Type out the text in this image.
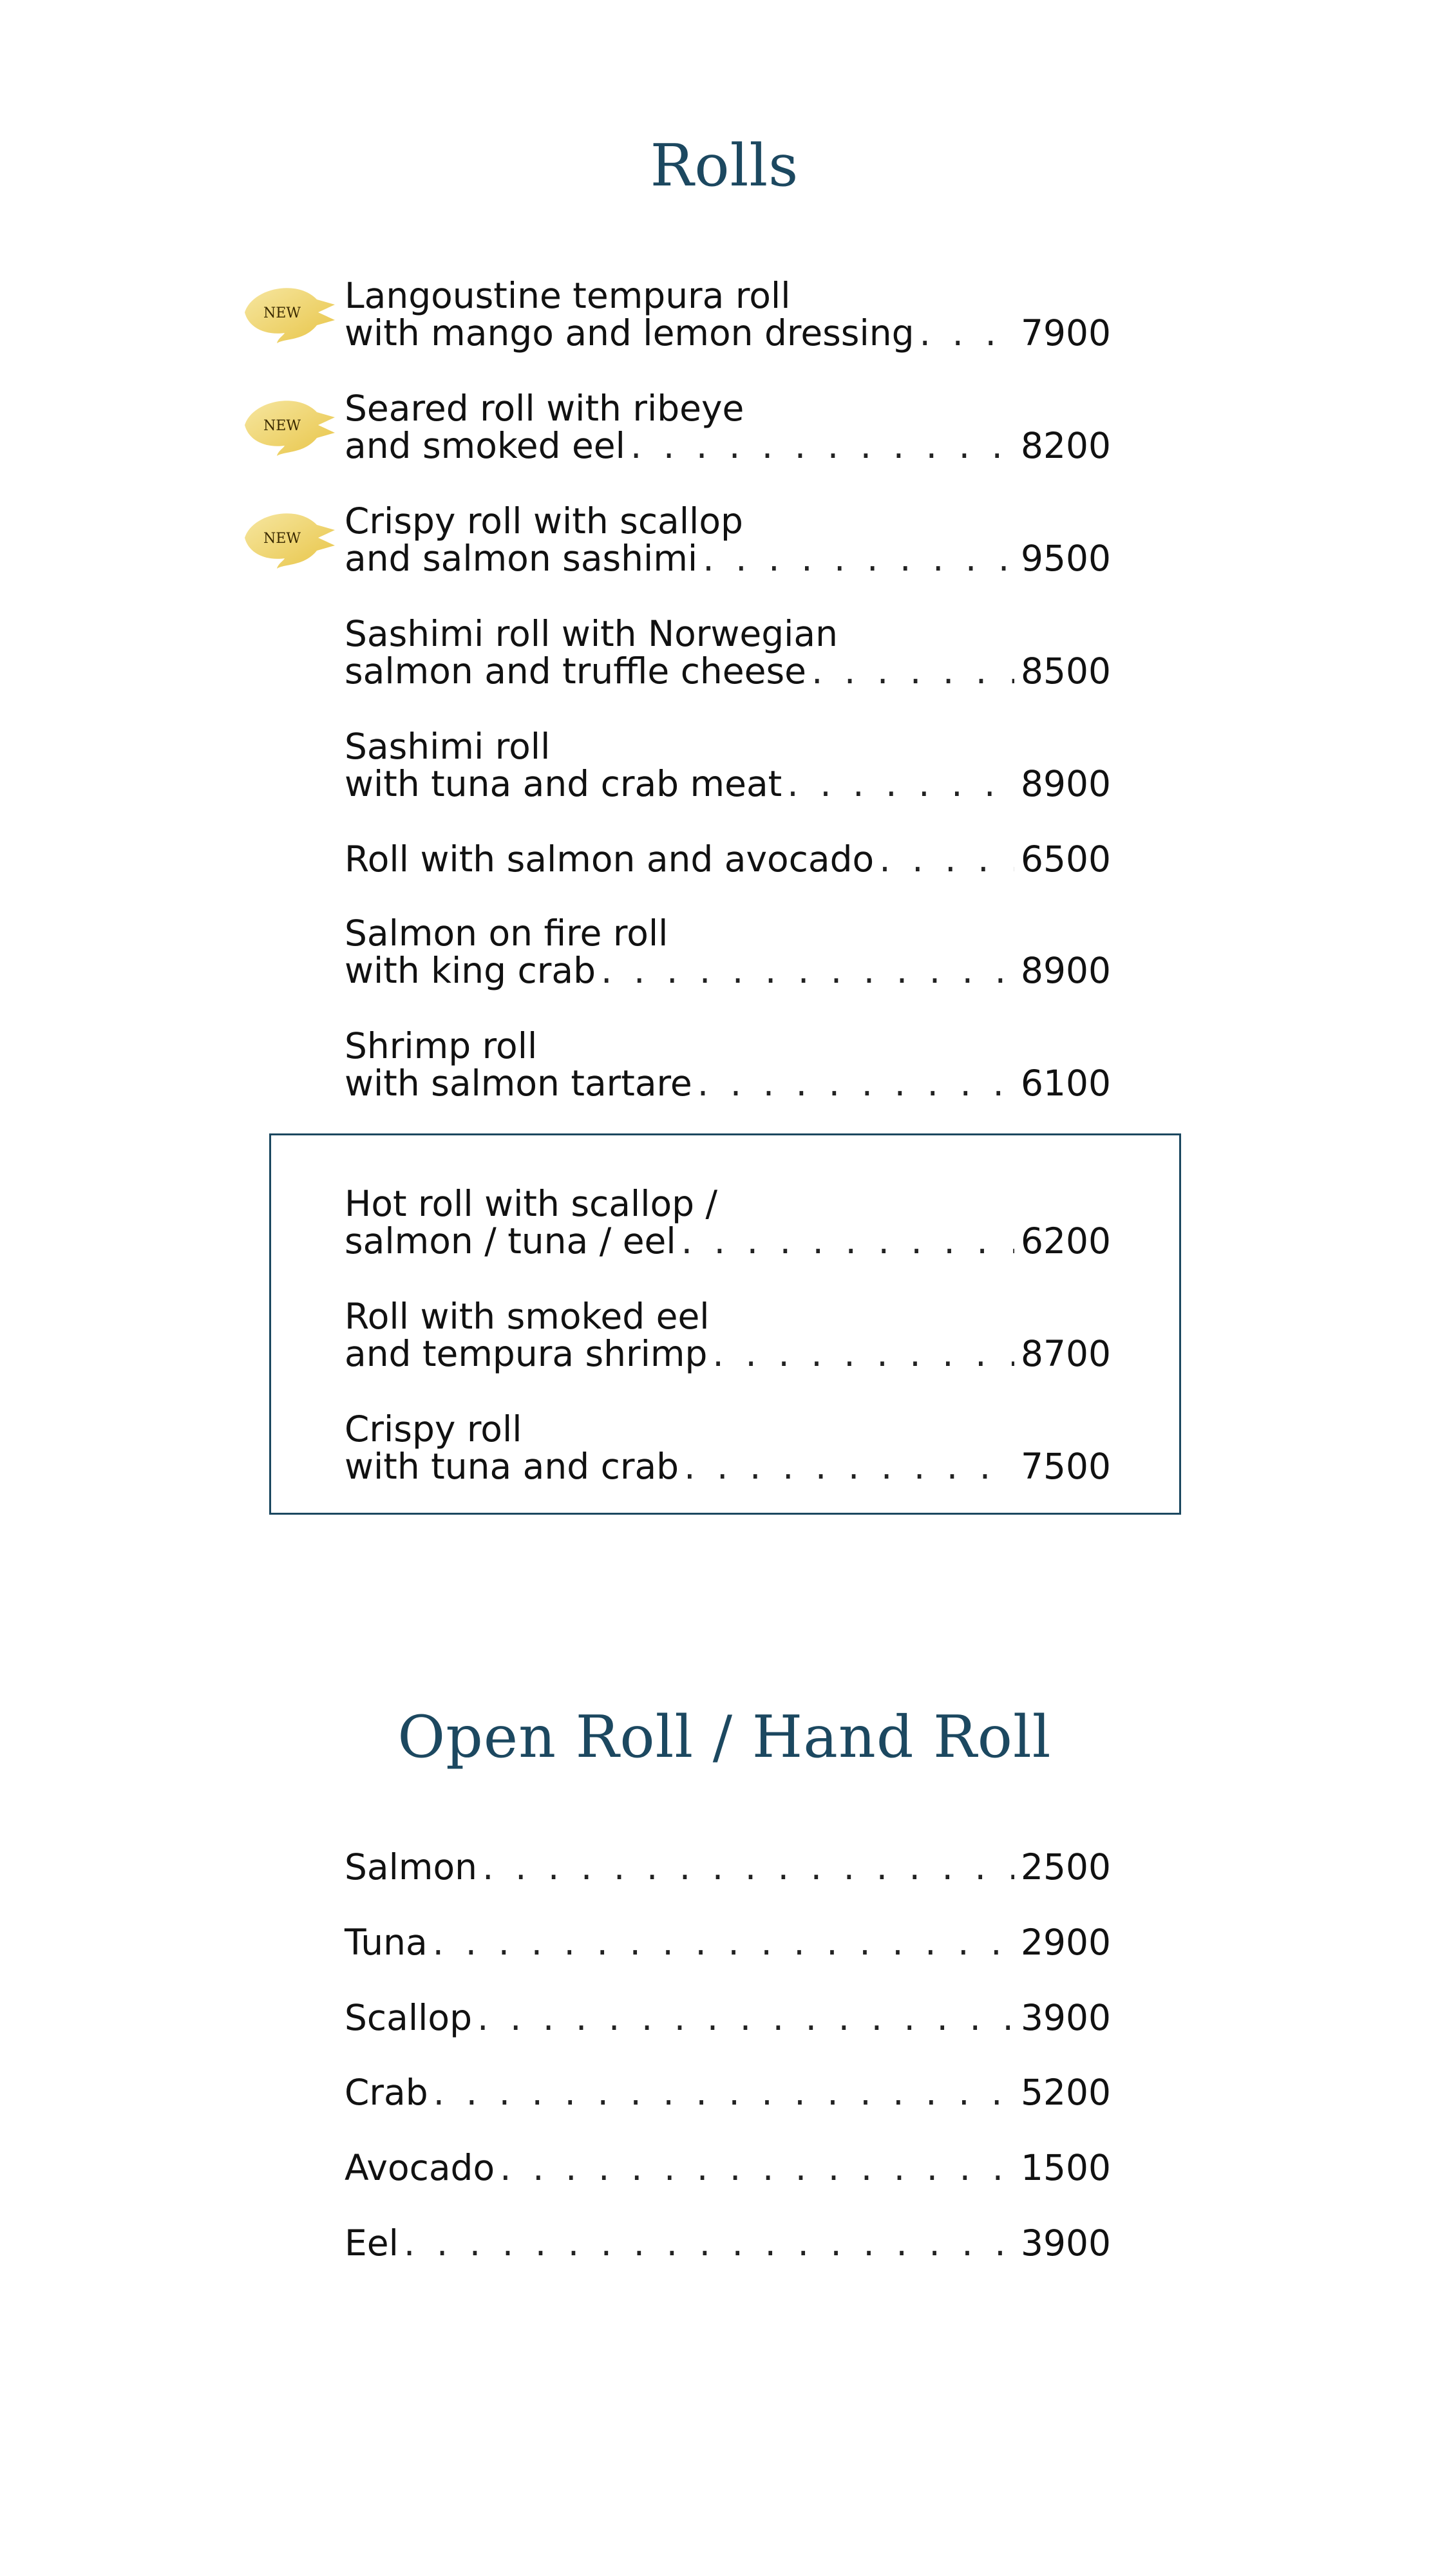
Rolls
Langoustine tempura roll
with mango and lemon dressing . . .	7900
NEW
Seared roll with ribeye
and smoked eel . . .	8200
NEW
Crispy roll with scallop
and salmon sashimi . . .	9500
NEW
Sashimi roll with Norwegian
salmon and truffle cheese . . .	8500
Sashimi roll
with tuna and crab meat . . .	8900
Roll with salmon and avocado . . .	6500
Salmon on fire roll
with king crab . . .	8900
Shrimp roll
with salmon tartare . . .	6100
Hot roll with scallop /
salmon / tuna / eel . . .	6200
Roll with smoked eel
and tempura shrimp . . .	8700
Crispy roll
with tuna and crab . . .	7500
Open Roll / Hand Roll
Salmon . . .	2500
Tuna . . .	2900
Scallop . . .	3900
Crab . . .	5200
Avocado . . .	1500
Eel . . .	3900
